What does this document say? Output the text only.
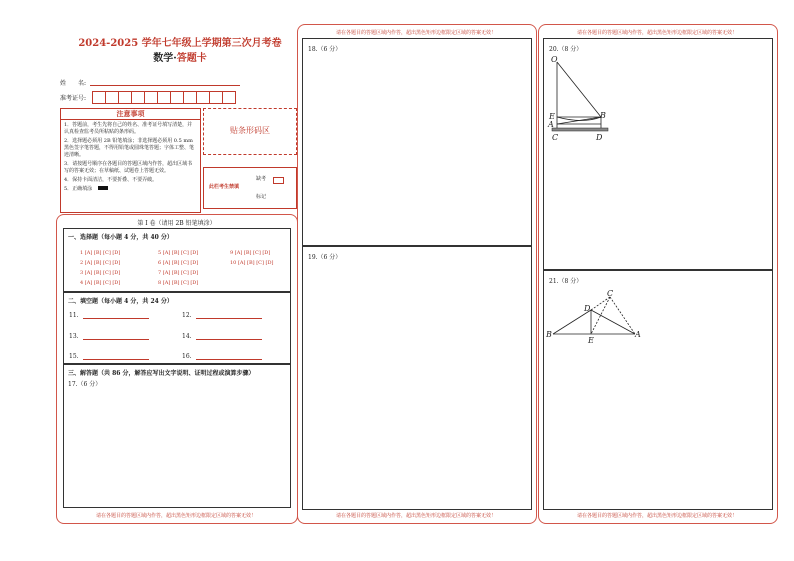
2024-2025 学年七年级上学期第三次月考卷
数学·答题卡
姓　　名:
准考证号:
注意事项
1．答题前，考生先将自己的姓名、准考证号填写清楚，并认真检查监考员所粘贴的条形码。
2．选择题必须用 2B 铅笔填涂；非选择题必须用 0.5 mm 黑色签字笔答题，不得用铅笔或圆珠笔答题；字体工整、笔迹清晰。
3．请按题号顺序在各题目的答题区域内作答，超出区域书写的答案无效；在草稿纸、试题卷上答题无效。
4．保持卡面清洁，不要折叠、不要弄破。
5．正确填涂
贴条形码区
此栏考生禁填
缺考
标记
第 I 卷（请用 2B 铅笔填涂）
一、选择题（每小题 4 分，共 40 分）
1 [A] [B] [C] [D]
2 [A] [B] [C] [D]
3 [A] [B] [C] [D]
4 [A] [B] [C] [D]
5 [A] [B] [C] [D]
6 [A] [B] [C] [D]
7 [A] [B] [C] [D]
8 [A] [B] [C] [D]
9 [A] [B] [C] [D]
10 [A] [B] [C] [D]
二、填空题（每小题 4 分，共 24 分）
11.	12.
13.	14.
15.	16.
三、解答题（共 86 分，解答应写出文字说明、证明过程或演算步骤）
17.（6 分）
请在各题目的答题区域内作答，超出黑色矩形边框限定区域的答案无效！
请在各题目的答题区域内作答，超出黑色矩形边框限定区域的答案无效！
18.（6 分）
19.（6 分）
请在各题目的答题区域内作答，超出黑色矩形边框限定区域的答案无效！
请在各题目的答题区域内作答，超出黑色矩形边框限定区域的答案无效！
20.（8 分）
21.（8 分）
请在各题目的答题区域内作答，超出黑色矩形边框限定区域的答案无效！
O
E
A
B
C	D
C
D
B
E
A
